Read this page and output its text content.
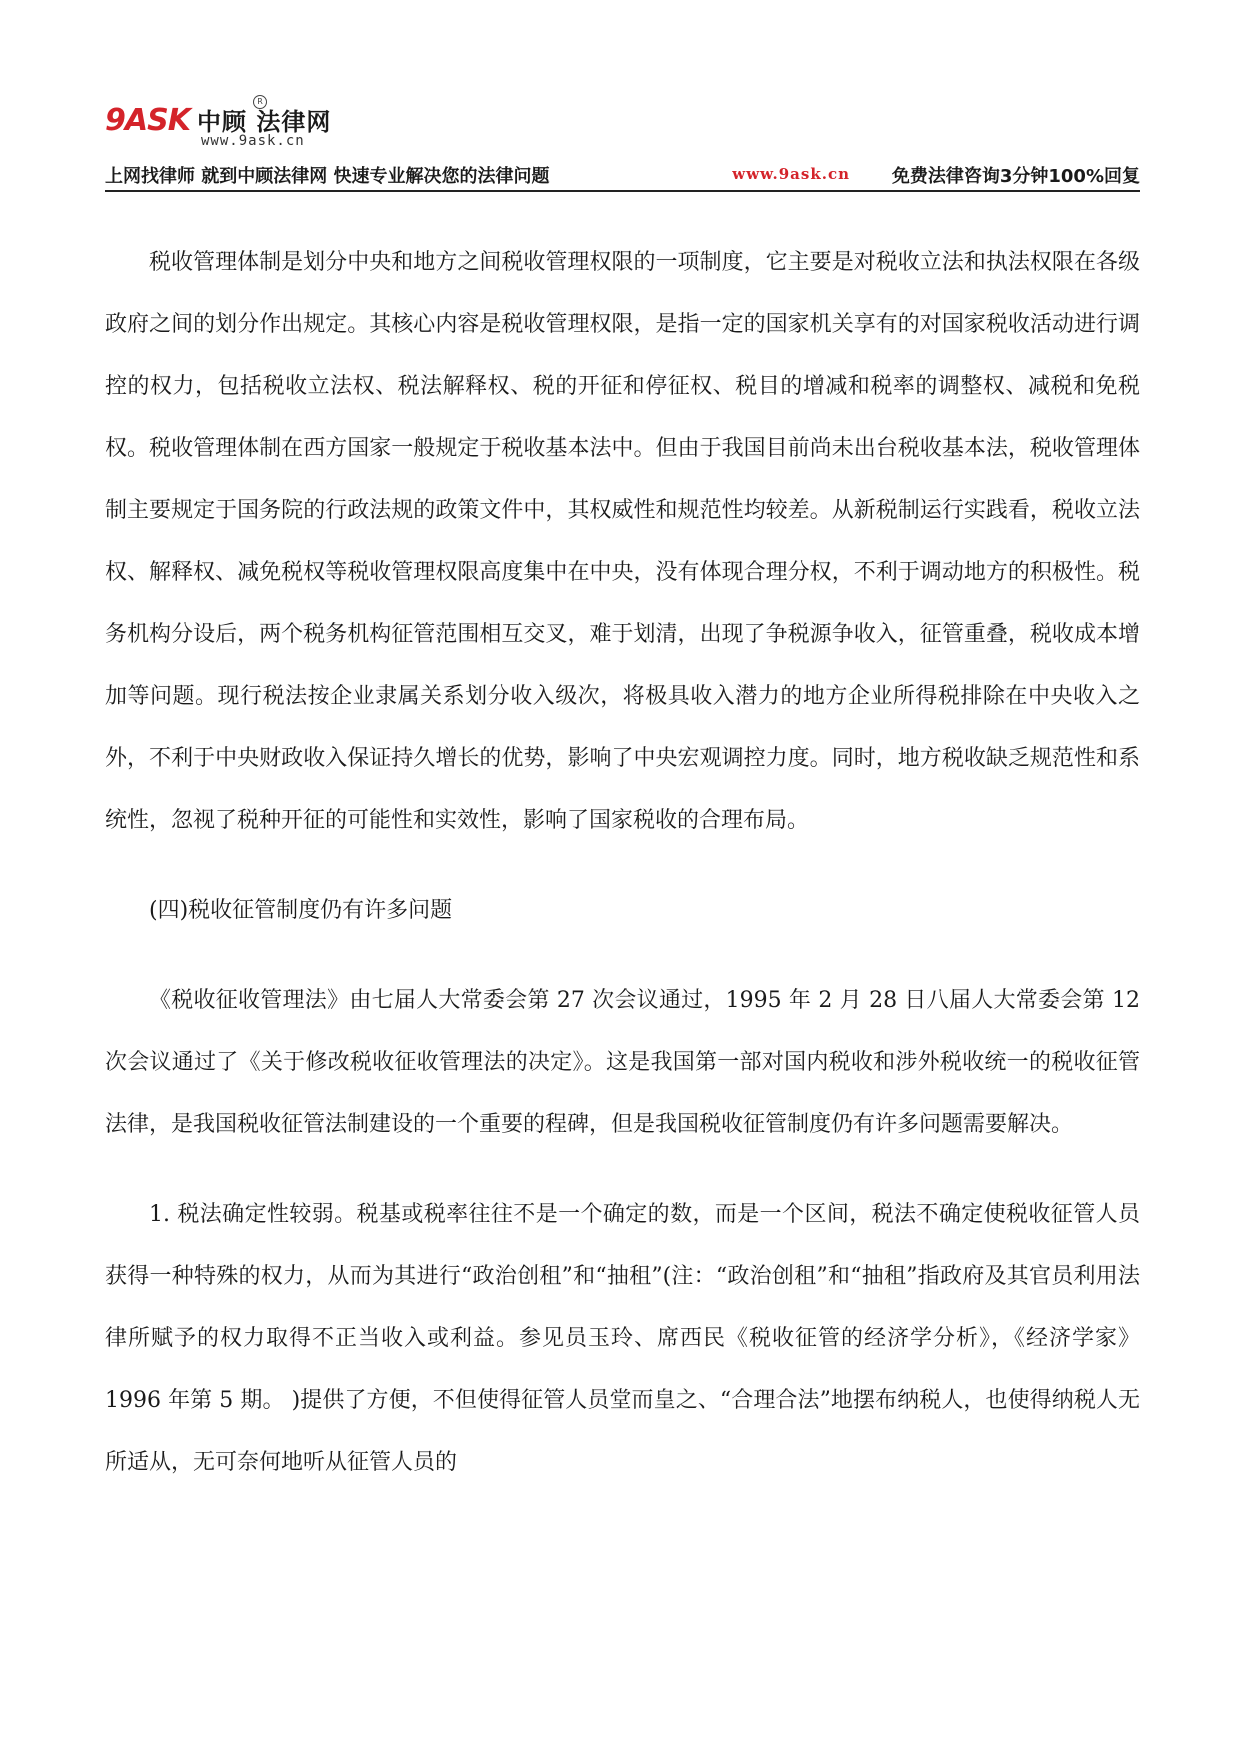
9ASK 中顾 法律网
R
www.9ask.cn
上网找律师 就到中顾法律网 快速专业解决您的法律问题	www.9ask.cn 免费法律咨询3分钟100%回复

税收管理体制是划分中央和地方之间税收管理权限的一项制度，它主要是对税收立法和执法权限在各级政府之间的划分作出规定。其核心内容是税收管理权限，是指一定的国家机关享有的对国家税收活动进行调控的权力，包括税收立法权、税法解释权、税的开征和停征权、税目的增减和税率的调整权、减税和免税权。税收管理体制在西方国家一般规定于税收基本法中。但由于我国目前尚未出台税收基本法，税收管理体制主要规定于国务院的行政法规的政策文件中，其权威性和规范性均较差。从新税制运行实践看，税收立法权、解释权、减免税权等税收管理权限高度集中在中央，没有体现合理分权，不利于调动地方的积极性。税务机构分设后，两个税务机构征管范围相互交叉，难于划清，出现了争税源争收入，征管重叠，税收成本增加等问题。现行税法按企业隶属关系划分收入级次，将极具收入潜力的地方企业所得税排除在中央收入之外，不利于中央财政收入保证持久增长的优势，影响了中央宏观调控力度。同时，地方税收缺乏规范性和系统性，忽视了税种开征的可能性和实效性，影响了国家税收的合理布局。

(四)税收征管制度仍有许多问题

《税收征收管理法》由七届人大常委会第 27 次会议通过，1995 年 2 月 28 日八届人大常委会第 12 次会议通过了《关于修改税收征收管理法的决定》。这是我国第一部对国内税收和涉外税收统一的税收征管法律，是我国税收征管法制建设的一个重要的程碑，但是我国税收征管制度仍有许多问题需要解决。

1. 税法确定性较弱。税基或税率往往不是一个确定的数，而是一个区间，税法不确定使税收征管人员获得一种特殊的权力，从而为其进行“政治创租”和“抽租”(注：“政治创租”和“抽租”指政府及其官员利用法律所赋予的权力取得不正当收入或利益。参见员玉玲、席西民《税收征管的经济学分析》，《经济学家》1996 年第 5 期。 )提供了方便，不但使得征管人员堂而皇之、“合理合法”地摆布纳税人，也使得纳税人无所适从，无可奈何地听从征管人员的
